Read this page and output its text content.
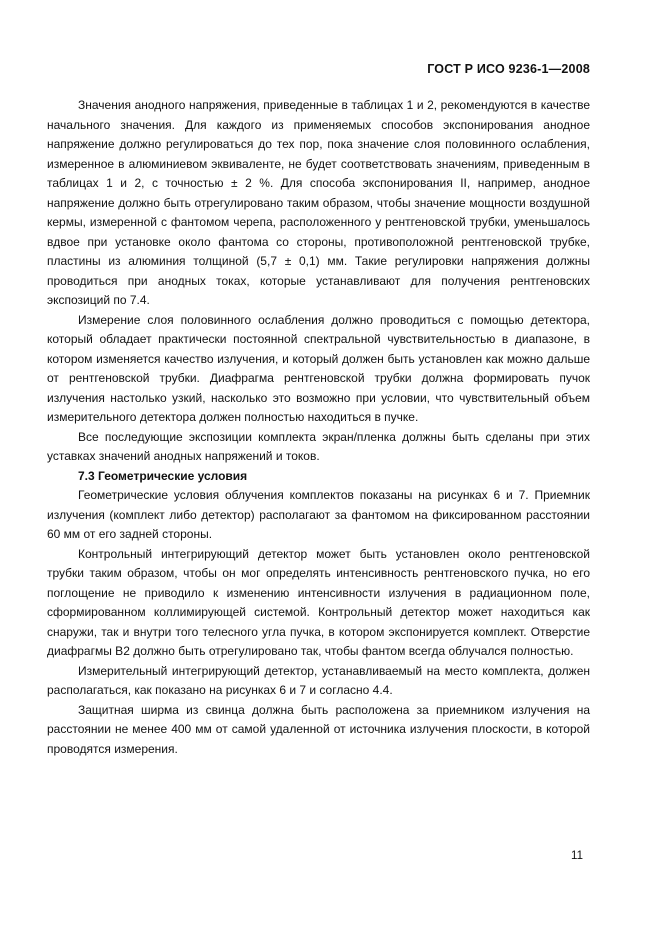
ГОСТ Р ИСО 9236-1—2008

Значения анодного напряжения, приведенные в таблицах 1 и 2, рекомендуются в качестве начального значения. Для каждого из применяемых способов экспонирования анодное напряжение должно регулироваться до тех пор, пока значение слоя половинного ослабления, измеренное в алюминиевом эквиваленте, не будет соответствовать значениям, приведенным в таблицах 1 и 2, с точностью ± 2 %. Для способа экспонирования II, например, анодное напряжение должно быть отрегулировано таким образом, чтобы значение мощности воздушной кермы, измеренной с фантомом черепа, расположенного у рентгеновской трубки, уменьшалось вдвое при установке около фантома со стороны, противоположной рентгеновской трубке, пластины из алюминия толщиной (5,7 ± 0,1) мм. Такие регулировки напряжения должны проводиться при анодных токах, которые устанавливают для получения рентгеновских экспозиций по 7.4.

Измерение слоя половинного ослабления должно проводиться с помощью детектора, который обладает практически постоянной спектральной чувствительностью в диапазоне, в котором изменяется качество излучения, и который должен быть установлен как можно дальше от рентгеновской трубки. Диафрагма рентгеновской трубки должна формировать пучок излучения настолько узкий, насколько это возможно при условии, что чувствительный объем измерительного детектора должен полностью находиться в пучке.

Все последующие экспозиции комплекта экран/пленка должны быть сделаны при этих уставках значений анодных напряжений и токов.

7.3 Геометрические условия

Геометрические условия облучения комплектов показаны на рисунках 6 и 7. Приемник излучения (комплект либо детектор) располагают за фантомом на фиксированном расстоянии 60 мм от его задней стороны.

Контрольный интегрирующий детектор может быть установлен около рентгеновской трубки таким образом, чтобы он мог определять интенсивность рентгеновского пучка, но его поглощение не приводило к изменению интенсивности излучения в радиационном поле, сформированном коллимирующей системой. Контрольный детектор может находиться как снаружи, так и внутри того телесного угла пучка, в котором экспонируется комплект. Отверстие диафрагмы В2 должно быть отрегулировано так, чтобы фантом всегда облучался полностью.

Измерительный интегрирующий детектор, устанавливаемый на место комплекта, должен располагаться, как показано на рисунках 6 и 7 и согласно 4.4.

Защитная ширма из свинца должна быть расположена за приемником излучения на расстоянии не менее 400 мм от самой удаленной от источника излучения плоскости, в которой проводятся измерения.

11
